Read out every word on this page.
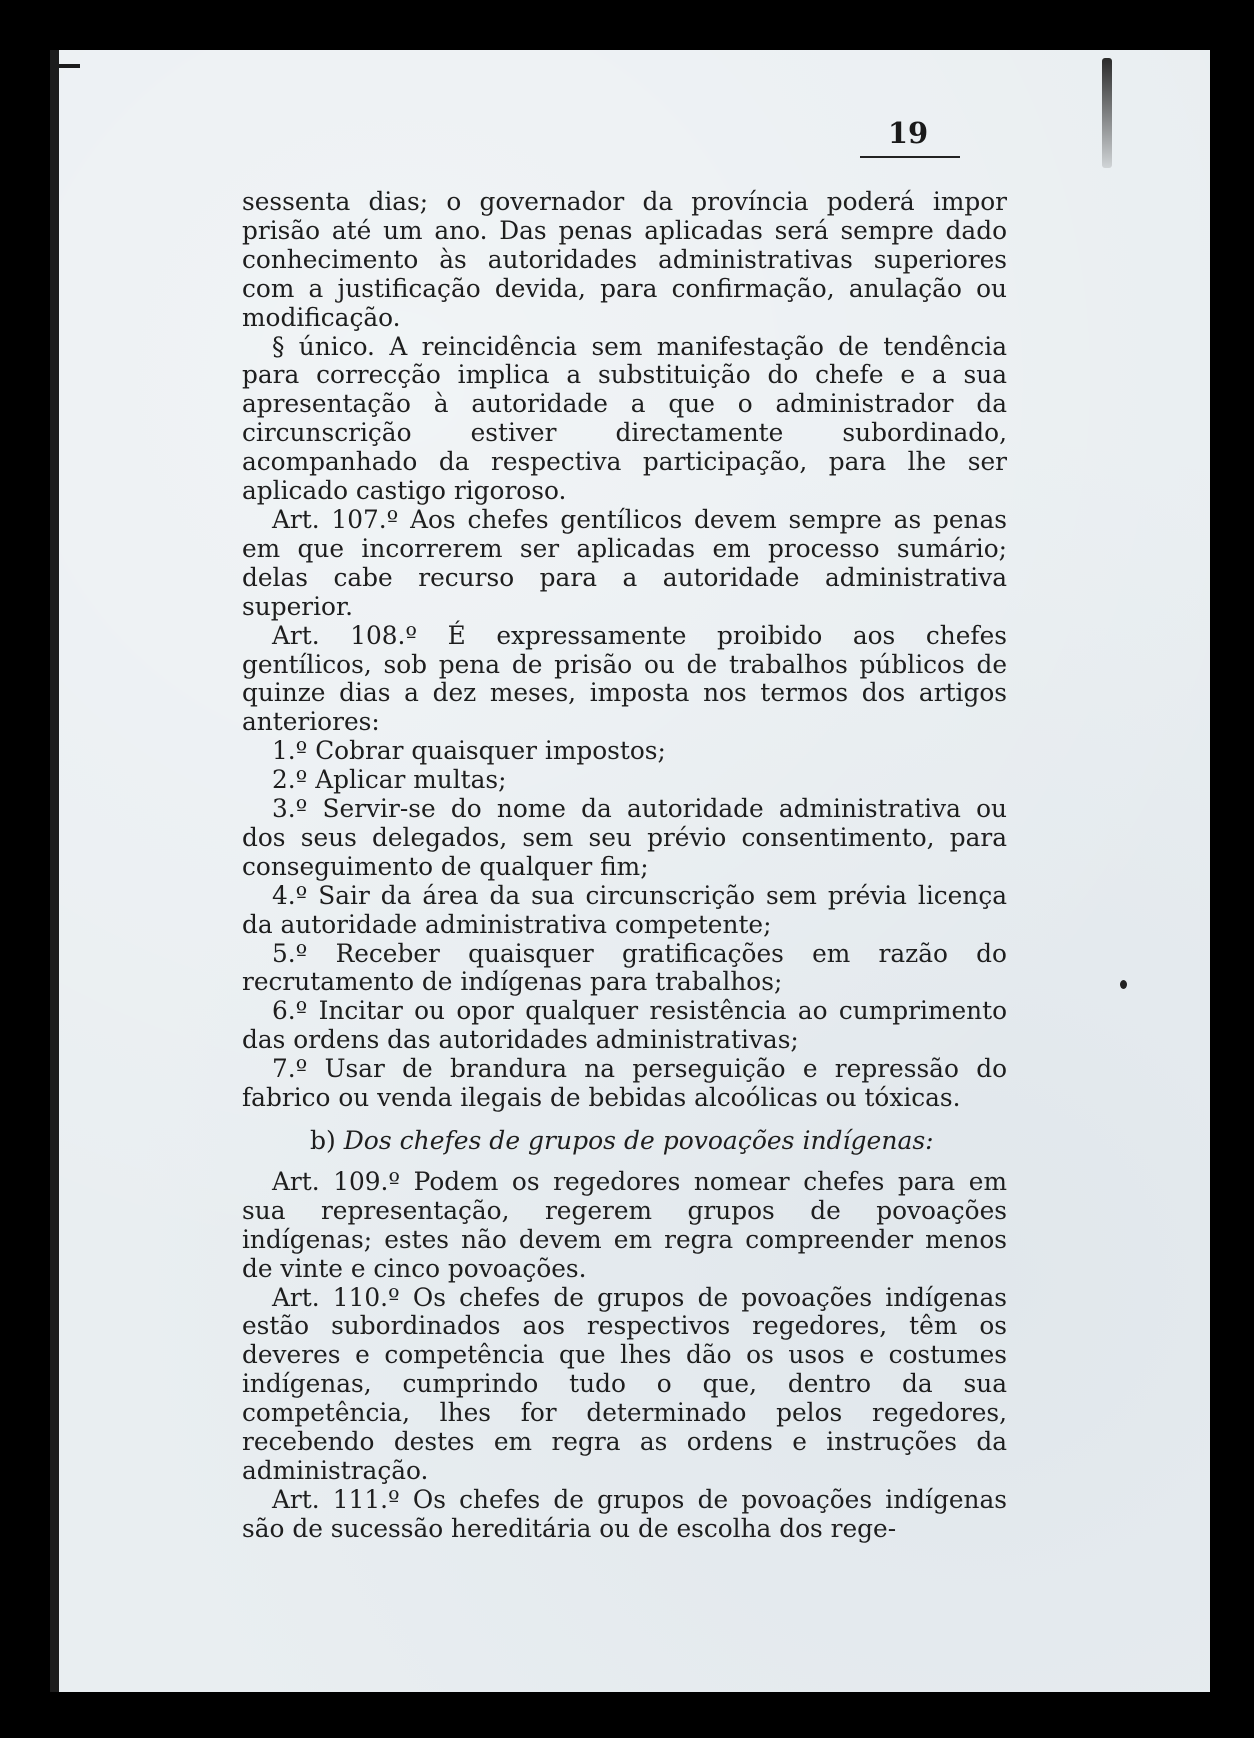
19

sessenta dias; o governador da província poderá impor prisão até um ano. Das penas aplicadas será sempre dado conhecimento às autoridades administrativas superiores com a justificação devida, para confirmação, anulação ou modificação.

§ único. A reincidência sem manifestação de tendência para correcção implica a substituição do chefe e a sua apresentação à autoridade a que o administrador da circunscrição estiver directamente subordinado, acompanhado da respectiva participação, para lhe ser aplicado castigo rigoroso.

Art. 107.º Aos chefes gentílicos devem sempre as penas em que incorrerem ser aplicadas em processo sumário; delas cabe recurso para a autoridade administrativa superior.

Art. 108.º É expressamente proibido aos chefes gentílicos, sob pena de prisão ou de trabalhos públicos de quinze dias a dez meses, imposta nos termos dos artigos anteriores:

1.º Cobrar quaisquer impostos;

2.º Aplicar multas;

3.º Servir-se do nome da autoridade administrativa ou dos seus delegados, sem seu prévio consentimento, para conseguimento de qualquer fim;

4.º Sair da área da sua circunscrição sem prévia licença da autoridade administrativa competente;

5.º Receber quaisquer gratificações em razão do recrutamento de indígenas para trabalhos;

6.º Incitar ou opor qualquer resistência ao cumprimento das ordens das autoridades administrativas;

7.º Usar de brandura na perseguição e repressão do fabrico ou venda ilegais de bebidas alcoólicas ou tóxicas.

b) Dos chefes de grupos de povoações indígenas:

Art. 109.º Podem os regedores nomear chefes para em sua representação, regerem grupos de povoações indígenas; estes não devem em regra compreender menos de vinte e cinco povoações.

Art. 110.º Os chefes de grupos de povoações indígenas estão subordinados aos respectivos regedores, têm os deveres e competência que lhes dão os usos e costumes indígenas, cumprindo tudo o que, dentro da sua competência, lhes for determinado pelos regedores, recebendo destes em regra as ordens e instruções da administração.

Art. 111.º Os chefes de grupos de povoações indígenas são de sucessão hereditária ou de escolha dos rege-
